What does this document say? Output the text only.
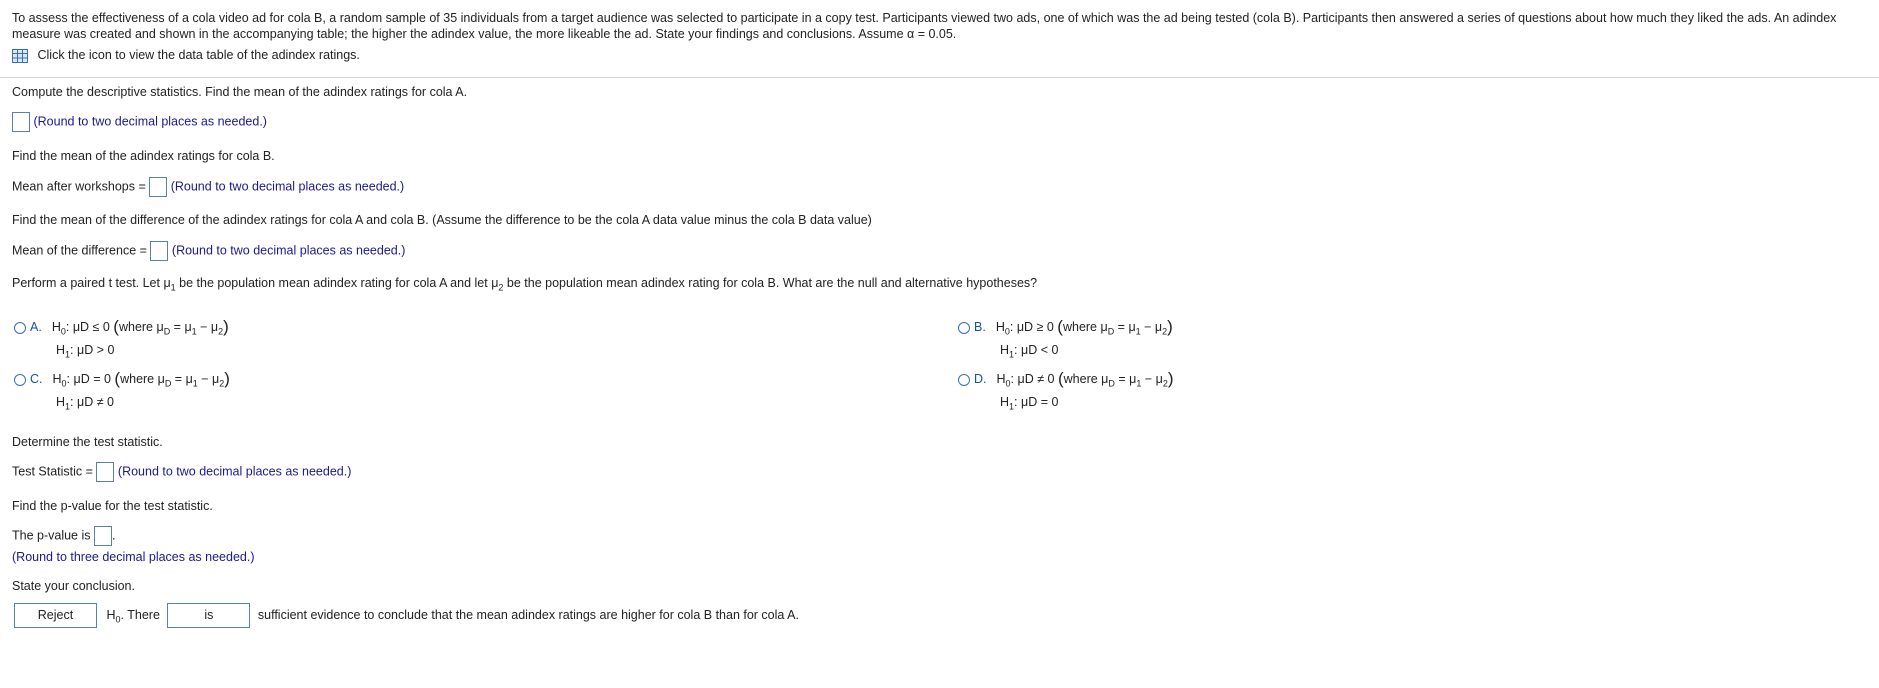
To assess the effectiveness of a cola video ad for cola B, a random sample of 35 individuals from a target audience was selected to participate in a copy test. Participants viewed two ads, one of which was the ad being tested (cola B). Participants then answered a series of questions about how much they liked the ads. An adindex measure was created and shown in the accompanying table; the higher the adindex value, the more likeable the ad. State your findings and conclusions. Assume α = 0.05.
Click the icon to view the data table of the adindex ratings.
Compute the descriptive statistics. Find the mean of the adindex ratings for cola A.
(Round to two decimal places as needed.)
Find the mean of the adindex ratings for cola B.
Mean after workshops = (Round to two decimal places as needed.)
Find the mean of the difference of the adindex ratings for cola A and cola B. (Assume the difference to be the cola A data value minus the cola B data value)
Mean of the difference = (Round to two decimal places as needed.)
Perform a paired t test. Let $\mu_1$ be the population mean adindex rating for cola A and let $\mu_2$ be the population mean adindex rating for cola B. What are the null and alternative hypotheses?
A. $H_0$: μD ≤ 0 (where $\mu_D = \mu_1 - \mu_2$)
$H_1$: μD > 0
B. $H_0$: μD ≥ 0 (where $\mu_D = \mu_1 - \mu_2$)
$H_1$: μD < 0
C. $H_0$: μD = 0 (where $\mu_D = \mu_1 - \mu_2$)
$H_1$: μD ≠ 0
D. $H_0$: μD ≠ 0 (where $\mu_D = \mu_1 - \mu_2$)
$H_1$: μD = 0
Determine the test statistic.
Test Statistic = (Round to two decimal places as needed.)
Find the p-value for the test statistic.
The p-value is .
(Round to three decimal places as needed.)
State your conclusion.
Reject	$H_0$. There	is	sufficient evidence to conclude that the mean adindex ratings are higher for cola B than for cola A.
